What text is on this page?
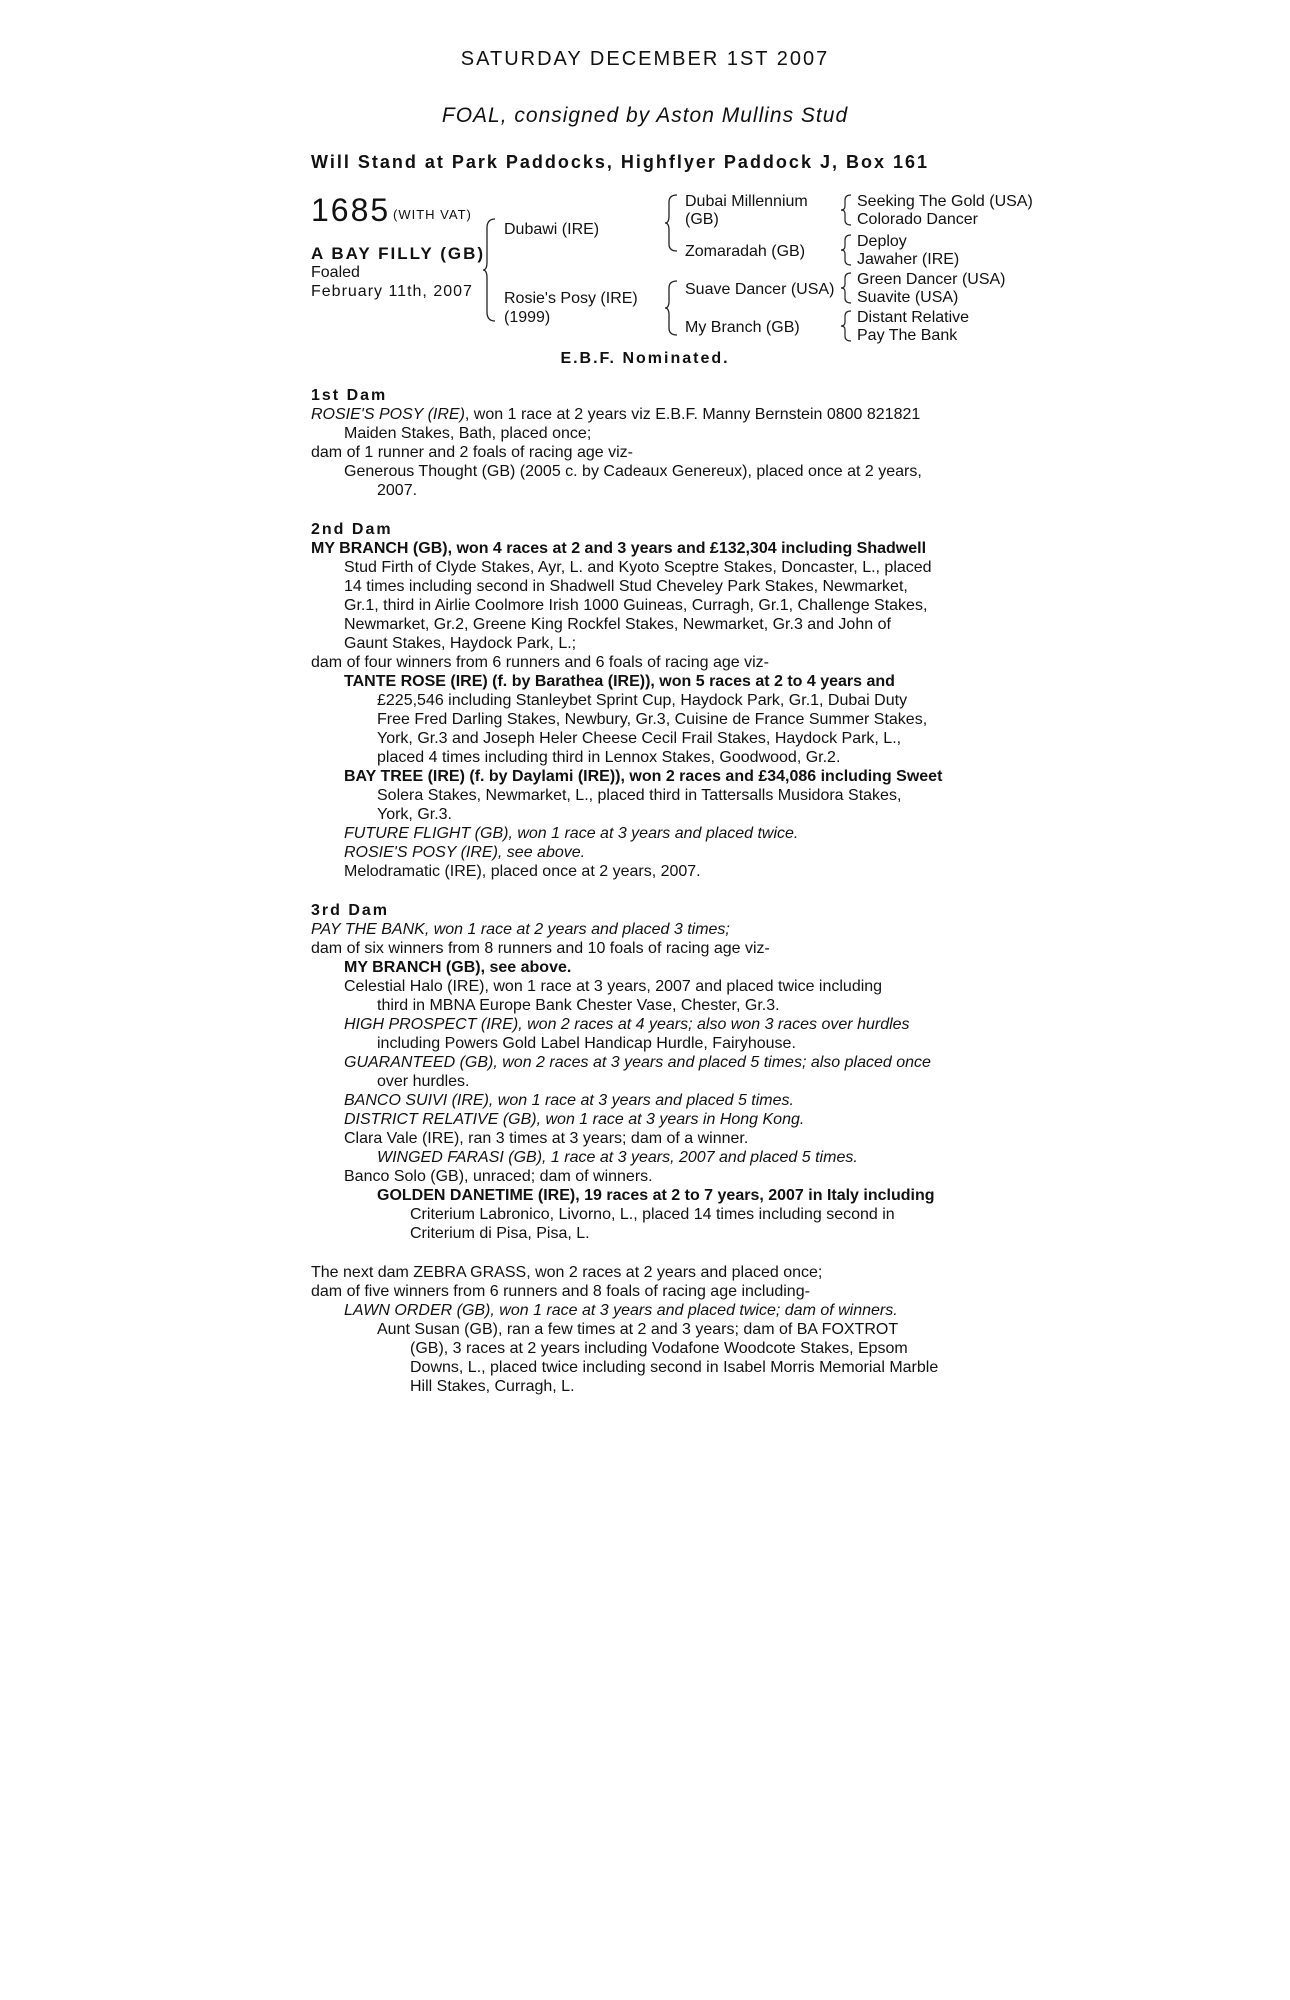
SATURDAY DECEMBER 1ST 2007
FOAL, consigned by Aston Mullins Stud
Will Stand at Park Paddocks, Highflyer Paddock J, Box 161
1685 (WITH VAT)
A BAY FILLY (GB)
Foaled
February 11th, 2007
Dubawi (IRE)
Rosie's Posy (IRE)
(1999)
Dubai Millennium
(GB)
Zomaradah (GB)
Suave Dancer (USA)
My Branch (GB)
Seeking The Gold (USA)
Colorado Dancer
Deploy
Jawaher (IRE)
Green Dancer (USA)
Suavite (USA)
Distant Relative
Pay The Bank
E.B.F. Nominated.
1st Dam
ROSIE'S POSY (IRE), won 1 race at 2 years viz E.B.F. Manny Bernstein 0800 821821
Maiden Stakes, Bath, placed once;
dam of 1 runner and 2 foals of racing age viz-
Generous Thought (GB) (2005 c. by Cadeaux Genereux), placed once at 2 years,
2007.
2nd Dam
MY BRANCH (GB), won 4 races at 2 and 3 years and £132,304 including Shadwell
Stud Firth of Clyde Stakes, Ayr, L. and Kyoto Sceptre Stakes, Doncaster, L., placed
14 times including second in Shadwell Stud Cheveley Park Stakes, Newmarket,
Gr.1, third in Airlie Coolmore Irish 1000 Guineas, Curragh, Gr.1, Challenge Stakes,
Newmarket, Gr.2, Greene King Rockfel Stakes, Newmarket, Gr.3 and John of
Gaunt Stakes, Haydock Park, L.;
dam of four winners from 6 runners and 6 foals of racing age viz-
TANTE ROSE (IRE) (f. by Barathea (IRE)), won 5 races at 2 to 4 years and
£225,546 including Stanleybet Sprint Cup, Haydock Park, Gr.1, Dubai Duty
Free Fred Darling Stakes, Newbury, Gr.3, Cuisine de France Summer Stakes,
York, Gr.3 and Joseph Heler Cheese Cecil Frail Stakes, Haydock Park, L.,
placed 4 times including third in Lennox Stakes, Goodwood, Gr.2.
BAY TREE (IRE) (f. by Daylami (IRE)), won 2 races and £34,086 including Sweet
Solera Stakes, Newmarket, L., placed third in Tattersalls Musidora Stakes,
York, Gr.3.
FUTURE FLIGHT (GB), won 1 race at 3 years and placed twice.
ROSIE'S POSY (IRE), see above.
Melodramatic (IRE), placed once at 2 years, 2007.
3rd Dam
PAY THE BANK, won 1 race at 2 years and placed 3 times;
dam of six winners from 8 runners and 10 foals of racing age viz-
MY BRANCH (GB), see above.
Celestial Halo (IRE), won 1 race at 3 years, 2007 and placed twice including
third in MBNA Europe Bank Chester Vase, Chester, Gr.3.
HIGH PROSPECT (IRE), won 2 races at 4 years; also won 3 races over hurdles
including Powers Gold Label Handicap Hurdle, Fairyhouse.
GUARANTEED (GB), won 2 races at 3 years and placed 5 times; also placed once
over hurdles.
BANCO SUIVI (IRE), won 1 race at 3 years and placed 5 times.
DISTRICT RELATIVE (GB), won 1 race at 3 years in Hong Kong.
Clara Vale (IRE), ran 3 times at 3 years; dam of a winner.
WINGED FARASI (GB), 1 race at 3 years, 2007 and placed 5 times.
Banco Solo (GB), unraced; dam of winners.
GOLDEN DANETIME (IRE), 19 races at 2 to 7 years, 2007 in Italy including
Criterium Labronico, Livorno, L., placed 14 times including second in
Criterium di Pisa, Pisa, L.
The next dam ZEBRA GRASS, won 2 races at 2 years and placed once;
dam of five winners from 6 runners and 8 foals of racing age including-
LAWN ORDER (GB), won 1 race at 3 years and placed twice; dam of winners.
Aunt Susan (GB), ran a few times at 2 and 3 years; dam of BA FOXTROT
(GB), 3 races at 2 years including Vodafone Woodcote Stakes, Epsom
Downs, L., placed twice including second in Isabel Morris Memorial Marble
Hill Stakes, Curragh, L.
